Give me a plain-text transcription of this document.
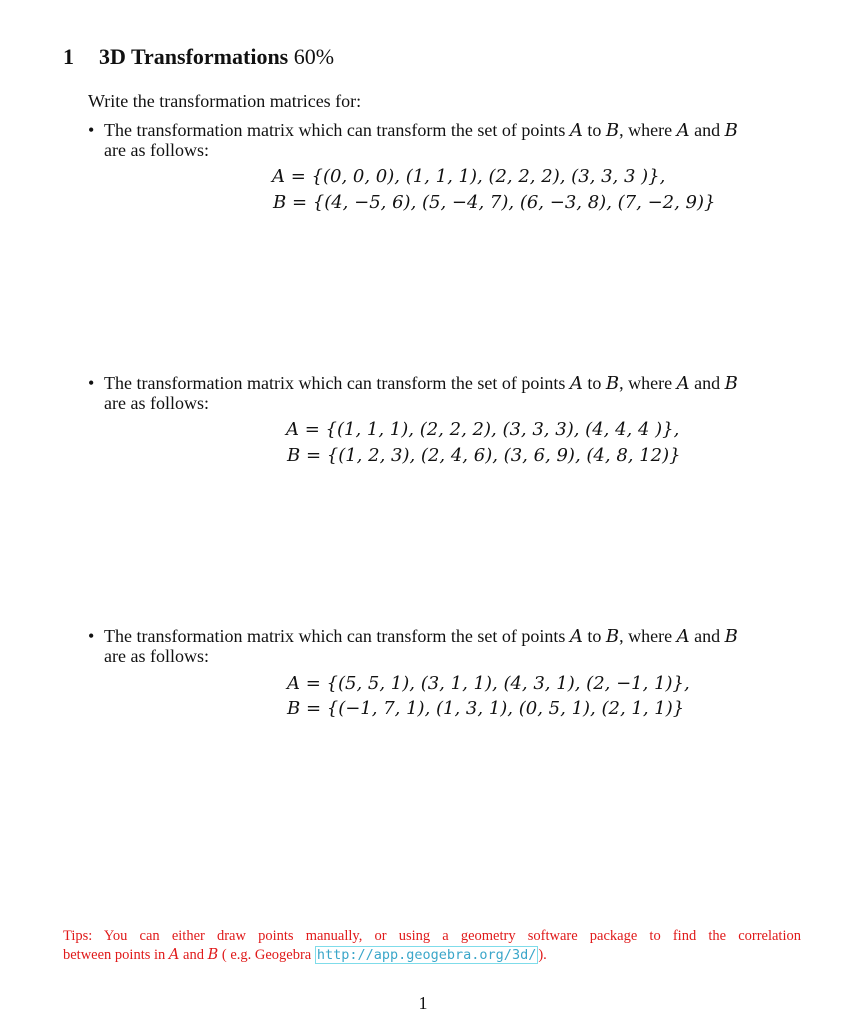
1 3D Transformations 60%
Write the transformation matrices for:
• The transformation matrix which can transform the set of points A to B, where A and B
are as follows:
A = {(0, 0, 0), (1, 1, 1), (2, 2, 2), (3, 3, 3 )},
B = {(4, −5, 6), (5, −4, 7), (6, −3, 8), (7, −2, 9)}
• The transformation matrix which can transform the set of points A to B, where A and B
are as follows:
A = {(1, 1, 1), (2, 2, 2), (3, 3, 3), (4, 4, 4 )},
B = {(1, 2, 3), (2, 4, 6), (3, 6, 9), (4, 8, 12)}
• The transformation matrix which can transform the set of points A to B, where A and B
are as follows:
A = {(5, 5, 1), (3, 1, 1), (4, 3, 1), (2, −1, 1)},
B = {(−1, 7, 1), (1, 3, 1), (0, 5, 1), (2, 1, 1)}
Tips: You can either draw points manually, or using a geometry software package to find the correlation
between points in A and B ( e.g. Geogebra http://app.geogebra.org/3d/ ).
1
